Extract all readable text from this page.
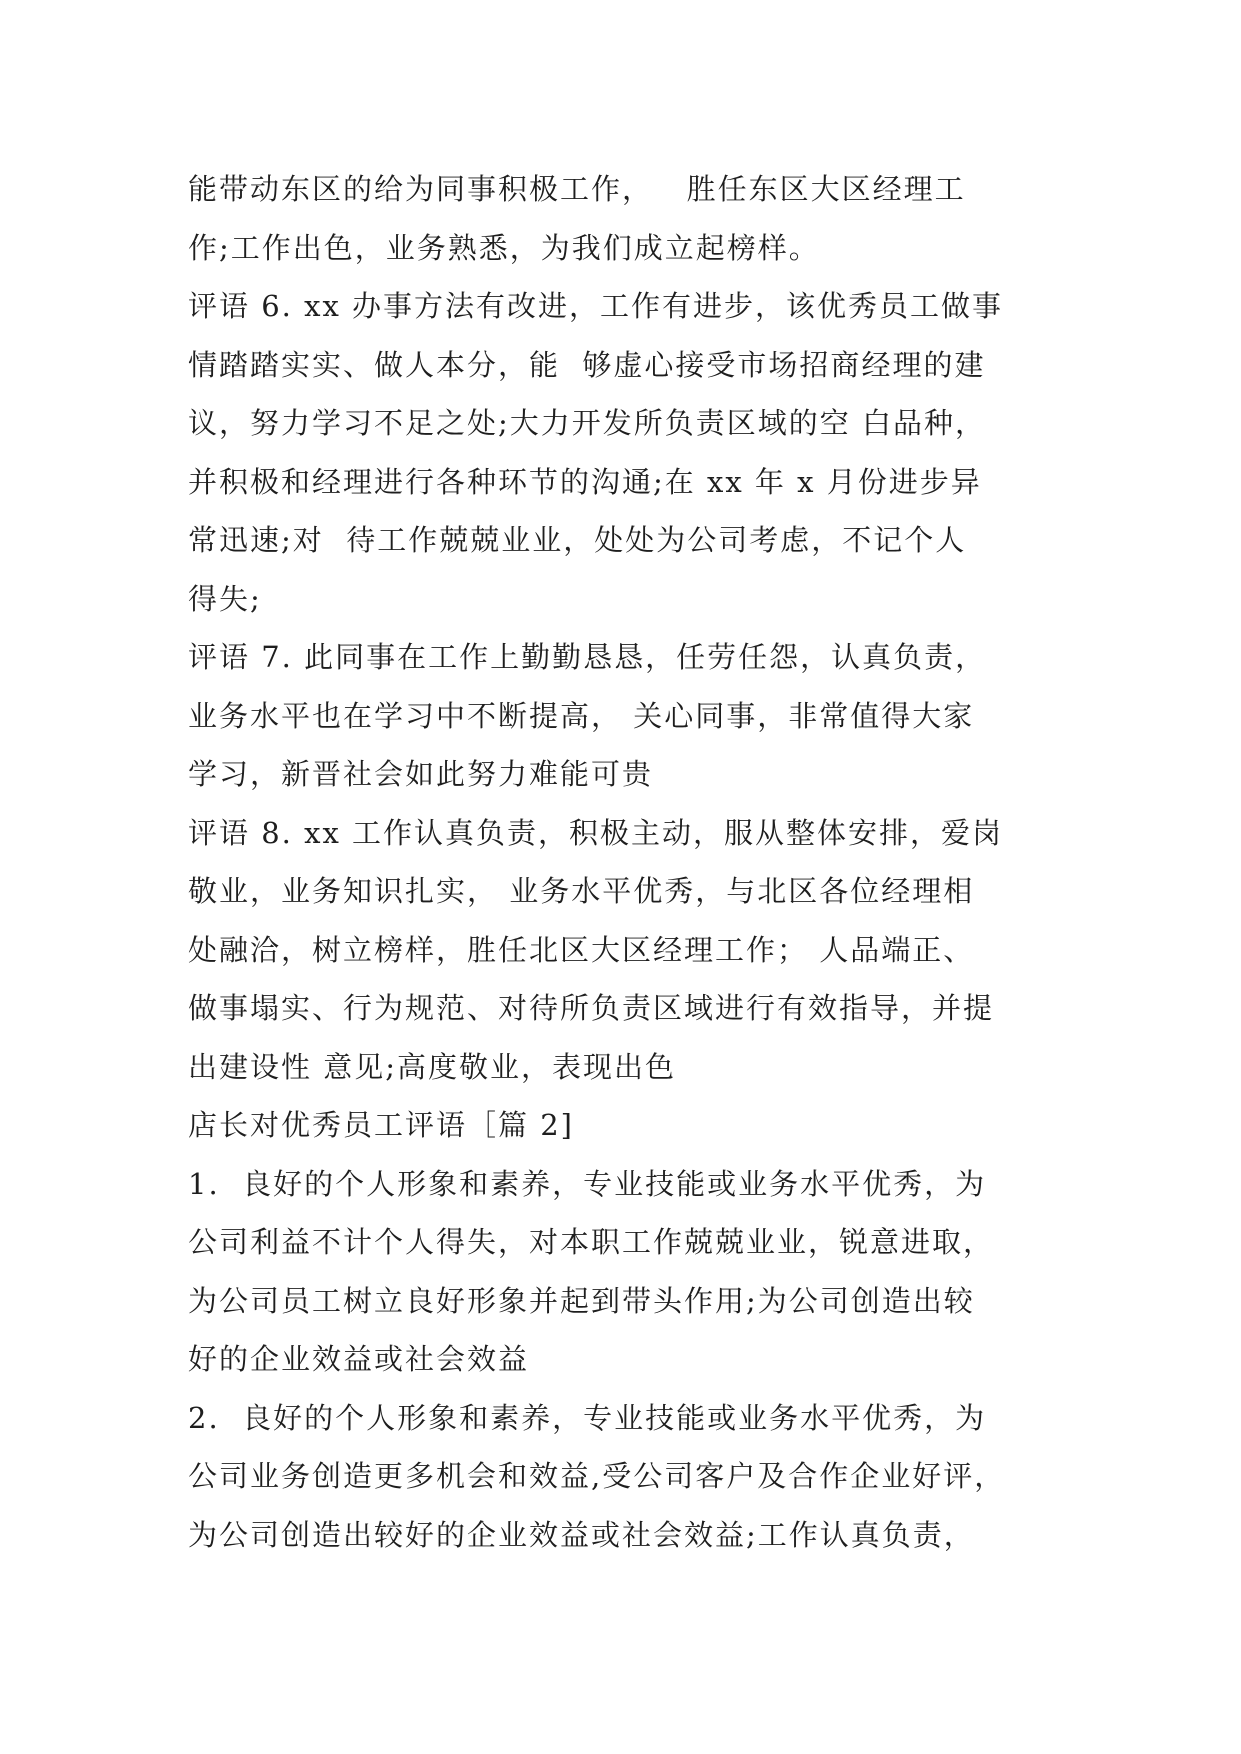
能带动东区的给为同事积极工作，   胜任东区大区经理工
作;工作出色，业务熟悉，为我们成立起榜样。
评语 6. xx 办事方法有改进，工作有进步，该优秀员工做事
情踏踏实实、做人本分，能  够虚心接受市场招商经理的建
议，努力学习不足之处;大力开发所负责区域的空 白品种，
并积极和经理进行各种环节的沟通;在 xx 年 x 月份进步异
常迅速;对  待工作兢兢业业，处处为公司考虑，不记个人
得失;
评语 7. 此同事在工作上勤勤恳恳，任劳任怨，认真负责，
业务水平也在学习中不断提高， 关心同事，非常值得大家
学习，新晋社会如此努力难能可贵
评语 8. xx 工作认真负责，积极主动，服从整体安排，爱岗
敬业，业务知识扎实， 业务水平优秀，与北区各位经理相
处融洽，树立榜样，胜任北区大区经理工作； 人品端正、
做事塌实、行为规范、对待所负责区域进行有效指导，并提
出建设性 意见;高度敬业，表现出色
店长对优秀员工评语［篇 2]
1.  良好的个人形象和素养，专业技能或业务水平优秀，为
公司利益不计个人得失，对本职工作兢兢业业，锐意进取，
为公司员工树立良好形象并起到带头作用;为公司创造出较
好的企业效益或社会效益
2.  良好的个人形象和素养，专业技能或业务水平优秀，为
公司业务创造更多机会和效益,受公司客户及合作企业好评，
为公司创造出较好的企业效益或社会效益;工作认真负责，
